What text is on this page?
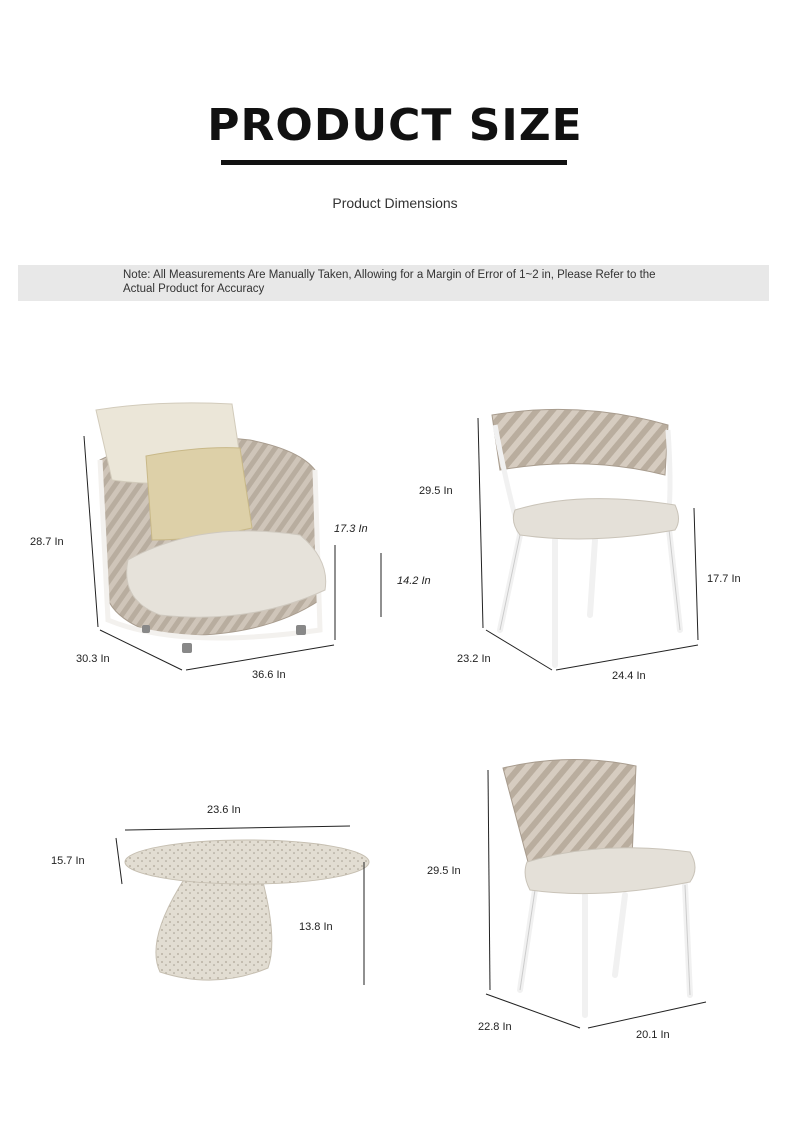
PRODUCT SIZE
Product Dimensions
Note: All Measurements Are Manually Taken, Allowing for a Margin of Error of 1~2 in, Please Refer to the Actual Product for Accuracy
28.7 In
30.3 In
36.6 In
17.3 In
14.2 In
29.5 In
17.7 In
23.2 In
24.4 In
23.6 In
15.7 In
13.8 In
29.5 In
22.8 In
20.1 In
